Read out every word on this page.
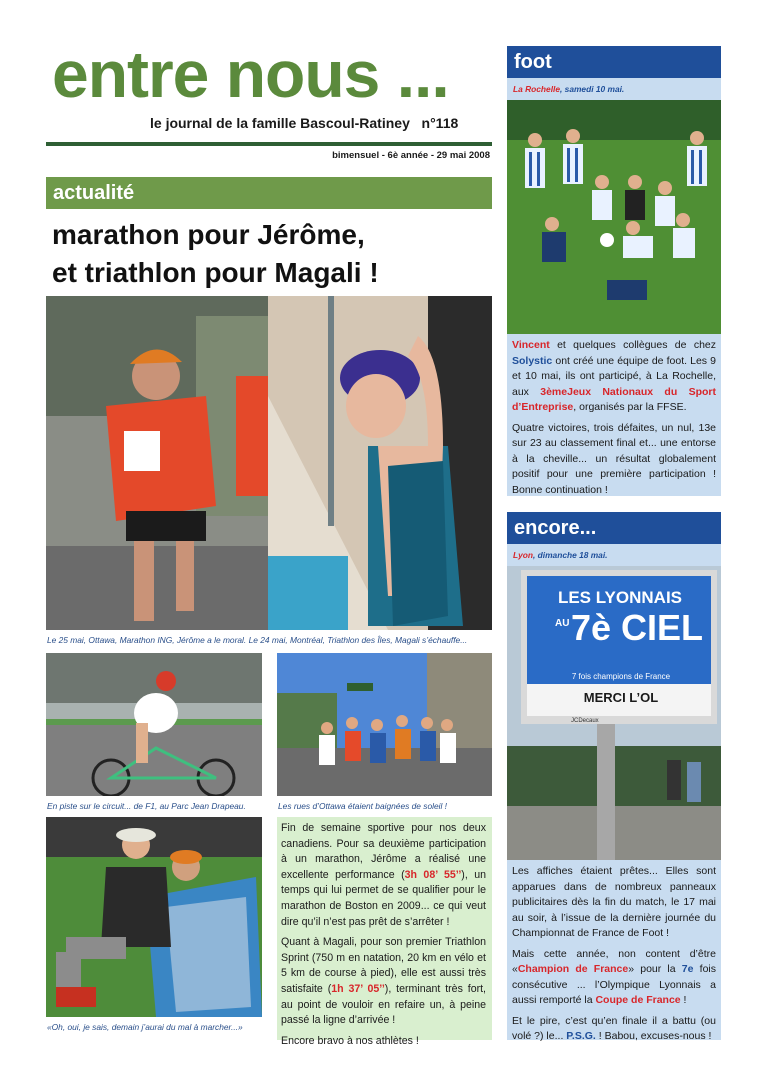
entre nous ...
le journal de la famille Bascoul-Ratiney n°118
bimensuel - 6è année - 29 mai 2008
actualité
marathon pour Jérôme,
et triathlon pour Magali !
Le 25 mai, Ottawa, Marathon ING, Jérôme a le moral. Le 24 mai, Montréal, Triathlon des Îles, Magali s’échauffe...
En piste sur le circuit... de F1, au Parc Jean Drapeau.	Les rues d’Ottawa étaient baignées de soleil !
«Oh, oui, je sais, demain j’aurai du mal à marcher...»

Fin de semaine sportive pour nos deux canadiens. Pour sa deuxième participation à un marathon, Jérôme a réalisé une excellente performance (3h 08’ 55’’), un temps qui lui permet de se qualifier pour le marathon de Boston en 2009... ce qui veut dire qu’il n’est pas prêt de s’arrêter !

Quant à Magali, pour son premier Triathlon Sprint (750 m en natation, 20 km en vélo et 5 km de course à pied), elle est aussi très satisfaite (1h 37’ 05’’), terminant très fort, au point de vouloir en refaire un, à peine passé la ligne d’arrivée !

Encore bravo à nos athlètes !

foot
La Rochelle, samedi 10 mai.

Vincent et quelques collègues de chez Solystic ont créé une équipe de foot. Les 9 et 10 mai, ils ont participé, à La Rochelle, aux 3èmeJeux Nationaux du Sport d’Entreprise, organisés par la FFSE.

Quatre victoires, trois défaites, un nul, 13e sur 23 au classement final et... une entorse à la cheville... un résultat globalement positif pour une première participation ! Bonne continuation !

encore...
Lyon, dimanche 18 mai.
LES LYONNAIS
AU 7è CIEL
7 fois champions de France
MERCI L’OL
JCDecaux

Les affiches étaient prêtes... Elles sont apparues dans de nombreux panneaux publicitaires dès la fin du match, le 17 mai au soir, à l’issue de la dernière journée du Championnat de France de Foot !

Mais cette année, non content d’être «Champion de France» pour la 7e fois consécutive ... l’Olympique Lyonnais a aussi remporté la Coupe de France !

Et le pire, c’est qu’en finale il a battu (ou volé ?) le... P.S.G. ! Babou, excuses-nous !
